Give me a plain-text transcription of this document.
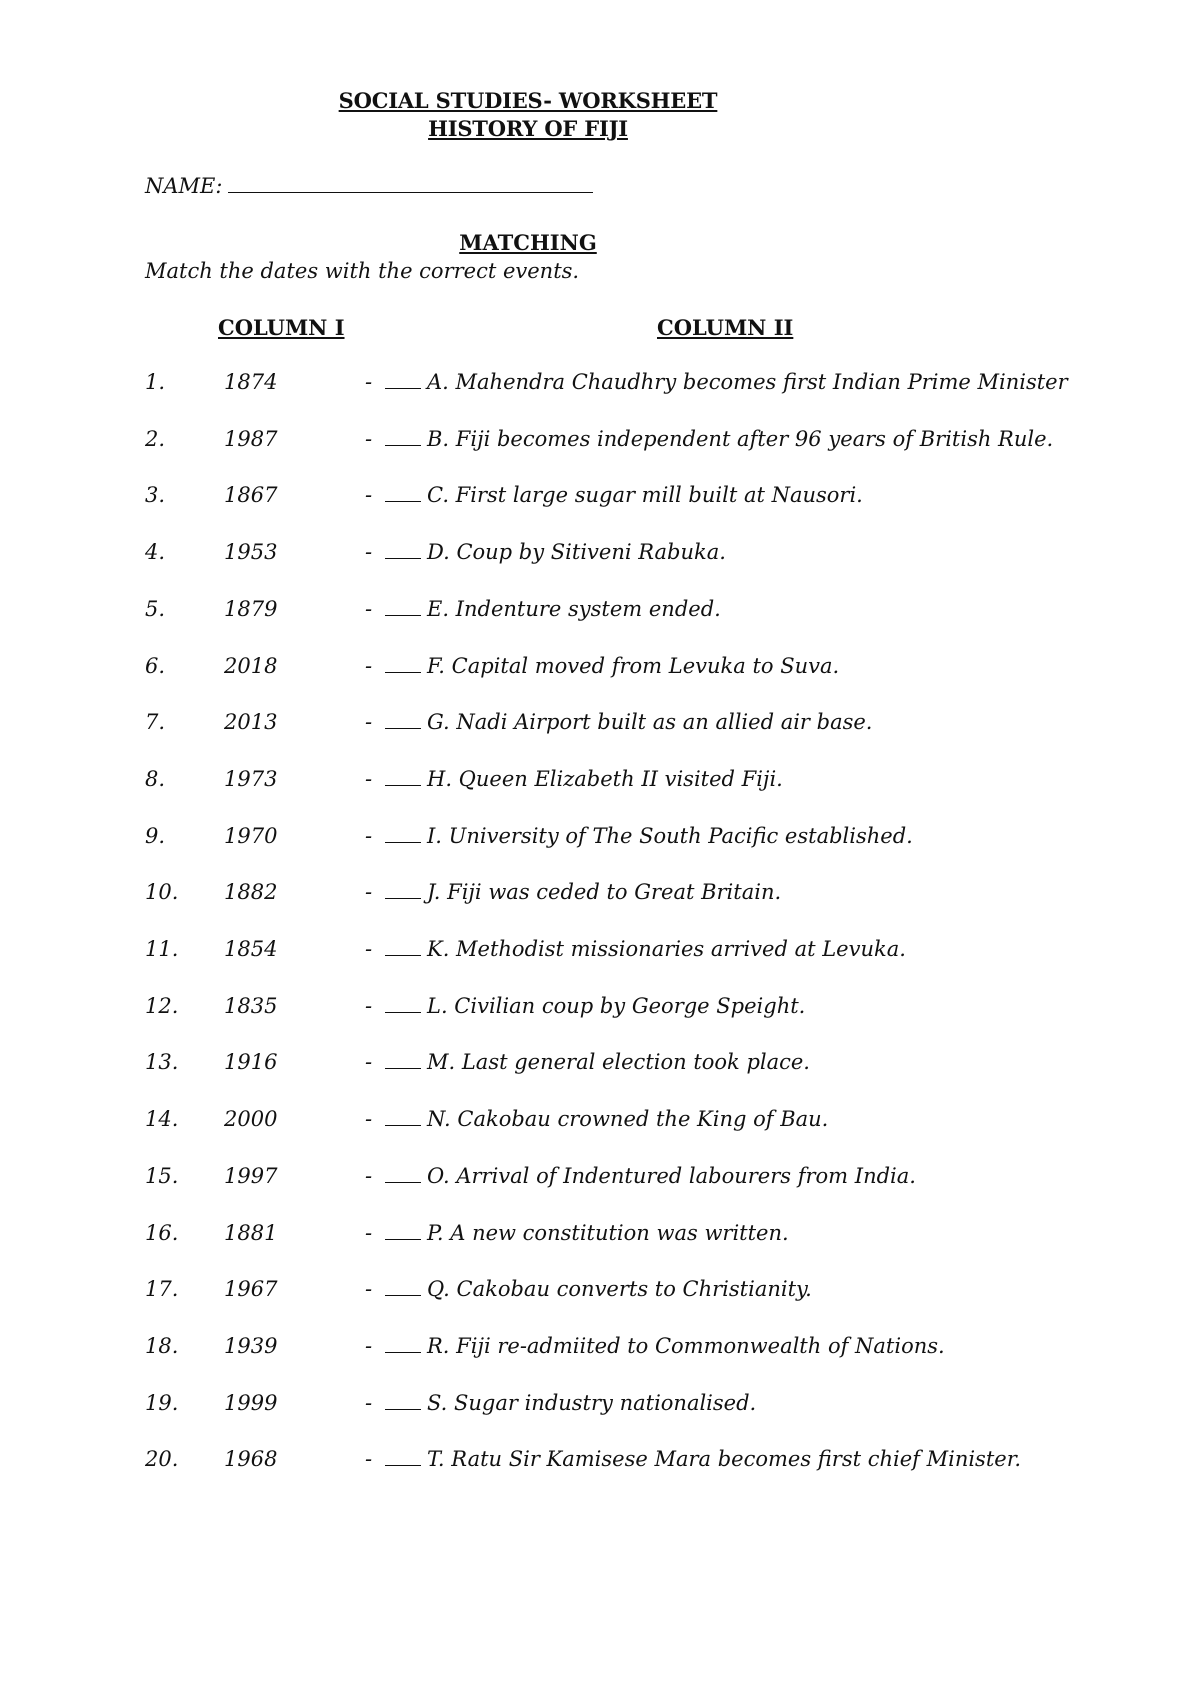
SOCIAL STUDIES- WORKSHEET
HISTORY OF FIJI
NAME:
MATCHING
Match the dates with the correct events.
COLUMN I	COLUMN II
1.	1874	-	A. Mahendra Chaudhry becomes first Indian Prime Minister
2.	1987	-	B. Fiji becomes independent after 96 years of British Rule.
3.	1867	-	C. First large sugar mill built at Nausori.
4.	1953	-	D. Coup by Sitiveni Rabuka.
5.	1879	-	E. Indenture system ended.
6.	2018	-	F. Capital moved from Levuka to Suva.
7.	2013	-	G. Nadi Airport built as an allied air base.
8.	1973	-	H. Queen Elizabeth II visited Fiji.
9.	1970	-	I. University of The South Pacific established.
10.	1882	-	J. Fiji was ceded to Great Britain.
11.	1854	-	K. Methodist missionaries arrived at Levuka.
12.	1835	-	L. Civilian coup by George Speight.
13.	1916	-	M. Last general election took place.
14.	2000	-	N. Cakobau crowned the King of Bau.
15.	1997	-	O. Arrival of Indentured labourers from India.
16.	1881	-	P. A new constitution was written.
17.	1967	-	Q. Cakobau converts to Christianity.
18.	1939	-	R. Fiji re-admiited to Commonwealth of Nations.
19.	1999	-	S. Sugar industry nationalised.
20.	1968	-	T. Ratu Sir Kamisese Mara becomes first chief Minister.
